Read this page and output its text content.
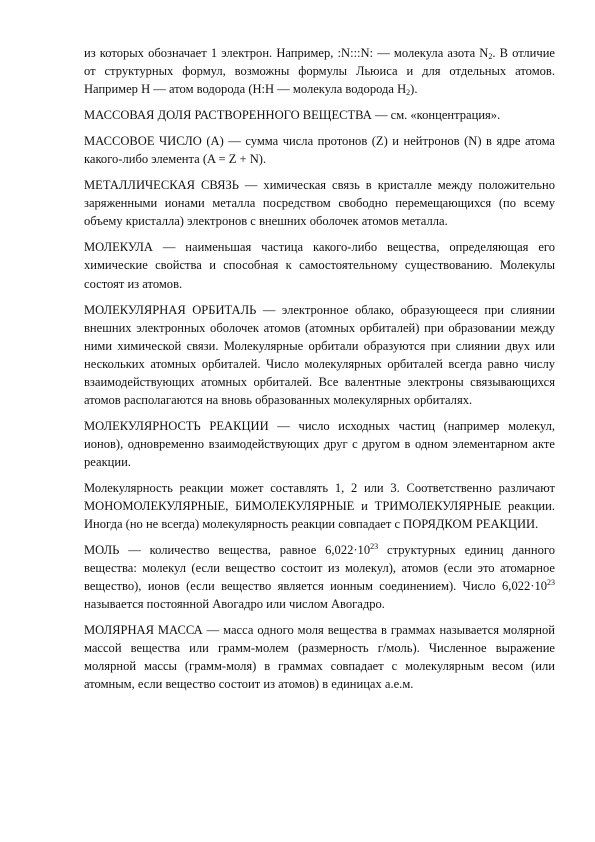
из которых обозначает 1 электрон. Например, :N:::N: — молекула азота $N_2$. В отличие от структурных формул, возможны формулы Льюиса и для отдельных атомов. Например H — атом водорода (H:H — молекула водорода $H_2$).

МАССОВАЯ ДОЛЯ РАСТВОРЕННОГО ВЕЩЕСТВА — см. «концентрация».

МАССОВОЕ ЧИСЛО (А) — сумма числа протонов (Z) и нейтронов (N) в ядре атома какого-либо элемента (A = Z + N).

МЕТАЛЛИЧЕСКАЯ СВЯЗЬ — химическая связь в кристалле между положительно заряженными ионами металла посредством свободно перемещающихся (по всему объему кристалла) электронов с внешних оболочек атомов металла.

МОЛЕКУЛА — наименьшая частица какого-либо вещества, определяющая его химические свойства и способная к самостоятельному существованию. Молекулы состоят из атомов.

МОЛЕКУЛЯРНАЯ ОРБИТАЛЬ — электронное облако, образующееся при слиянии внешних электронных оболочек атомов (атомных орбиталей) при образовании между ними химической связи. Молекулярные орбитали образуются при слиянии двух или нескольких атомных орбиталей. Число молекулярных орбиталей всегда равно числу взаимодействующих атомных орбиталей. Все валентные электроны связывающихся атомов располагаются на вновь образованных молекулярных орбиталях.

МОЛЕКУЛЯРНОСТЬ РЕАКЦИИ — число исходных частиц (например молекул, ионов), одновременно взаимодействующих друг с другом в одном элементарном акте реакции.

Молекулярность реакции может составлять 1, 2 или 3. Соответственно различают МОНОМОЛЕКУЛЯРНЫЕ, БИМОЛЕКУЛЯРНЫЕ и ТРИМОЛЕКУЛЯРНЫЕ реакции. Иногда (но не всегда) молекулярность реакции совпадает с ПОРЯДКОМ РЕАКЦИИ.

МОЛЬ — количество вещества, равное $6,022\cdot 10^{23}$ структурных единиц данного вещества: молекул (если вещество состоит из молекул), атомов (если это атомарное вещество), ионов (если вещество является ионным соединением). Число $6,022\cdot 10^{23}$ называется постоянной Авогадро или числом Авогадро.

МОЛЯРНАЯ МАССА — масса одного моля вещества в граммах называется молярной массой вещества или грамм-молем (размерность г/моль). Численное выражение молярной массы (грамм-моля) в граммах совпадает с молекулярным весом (или атомным, если вещество состоит из атомов) в единицах а.е.м.
